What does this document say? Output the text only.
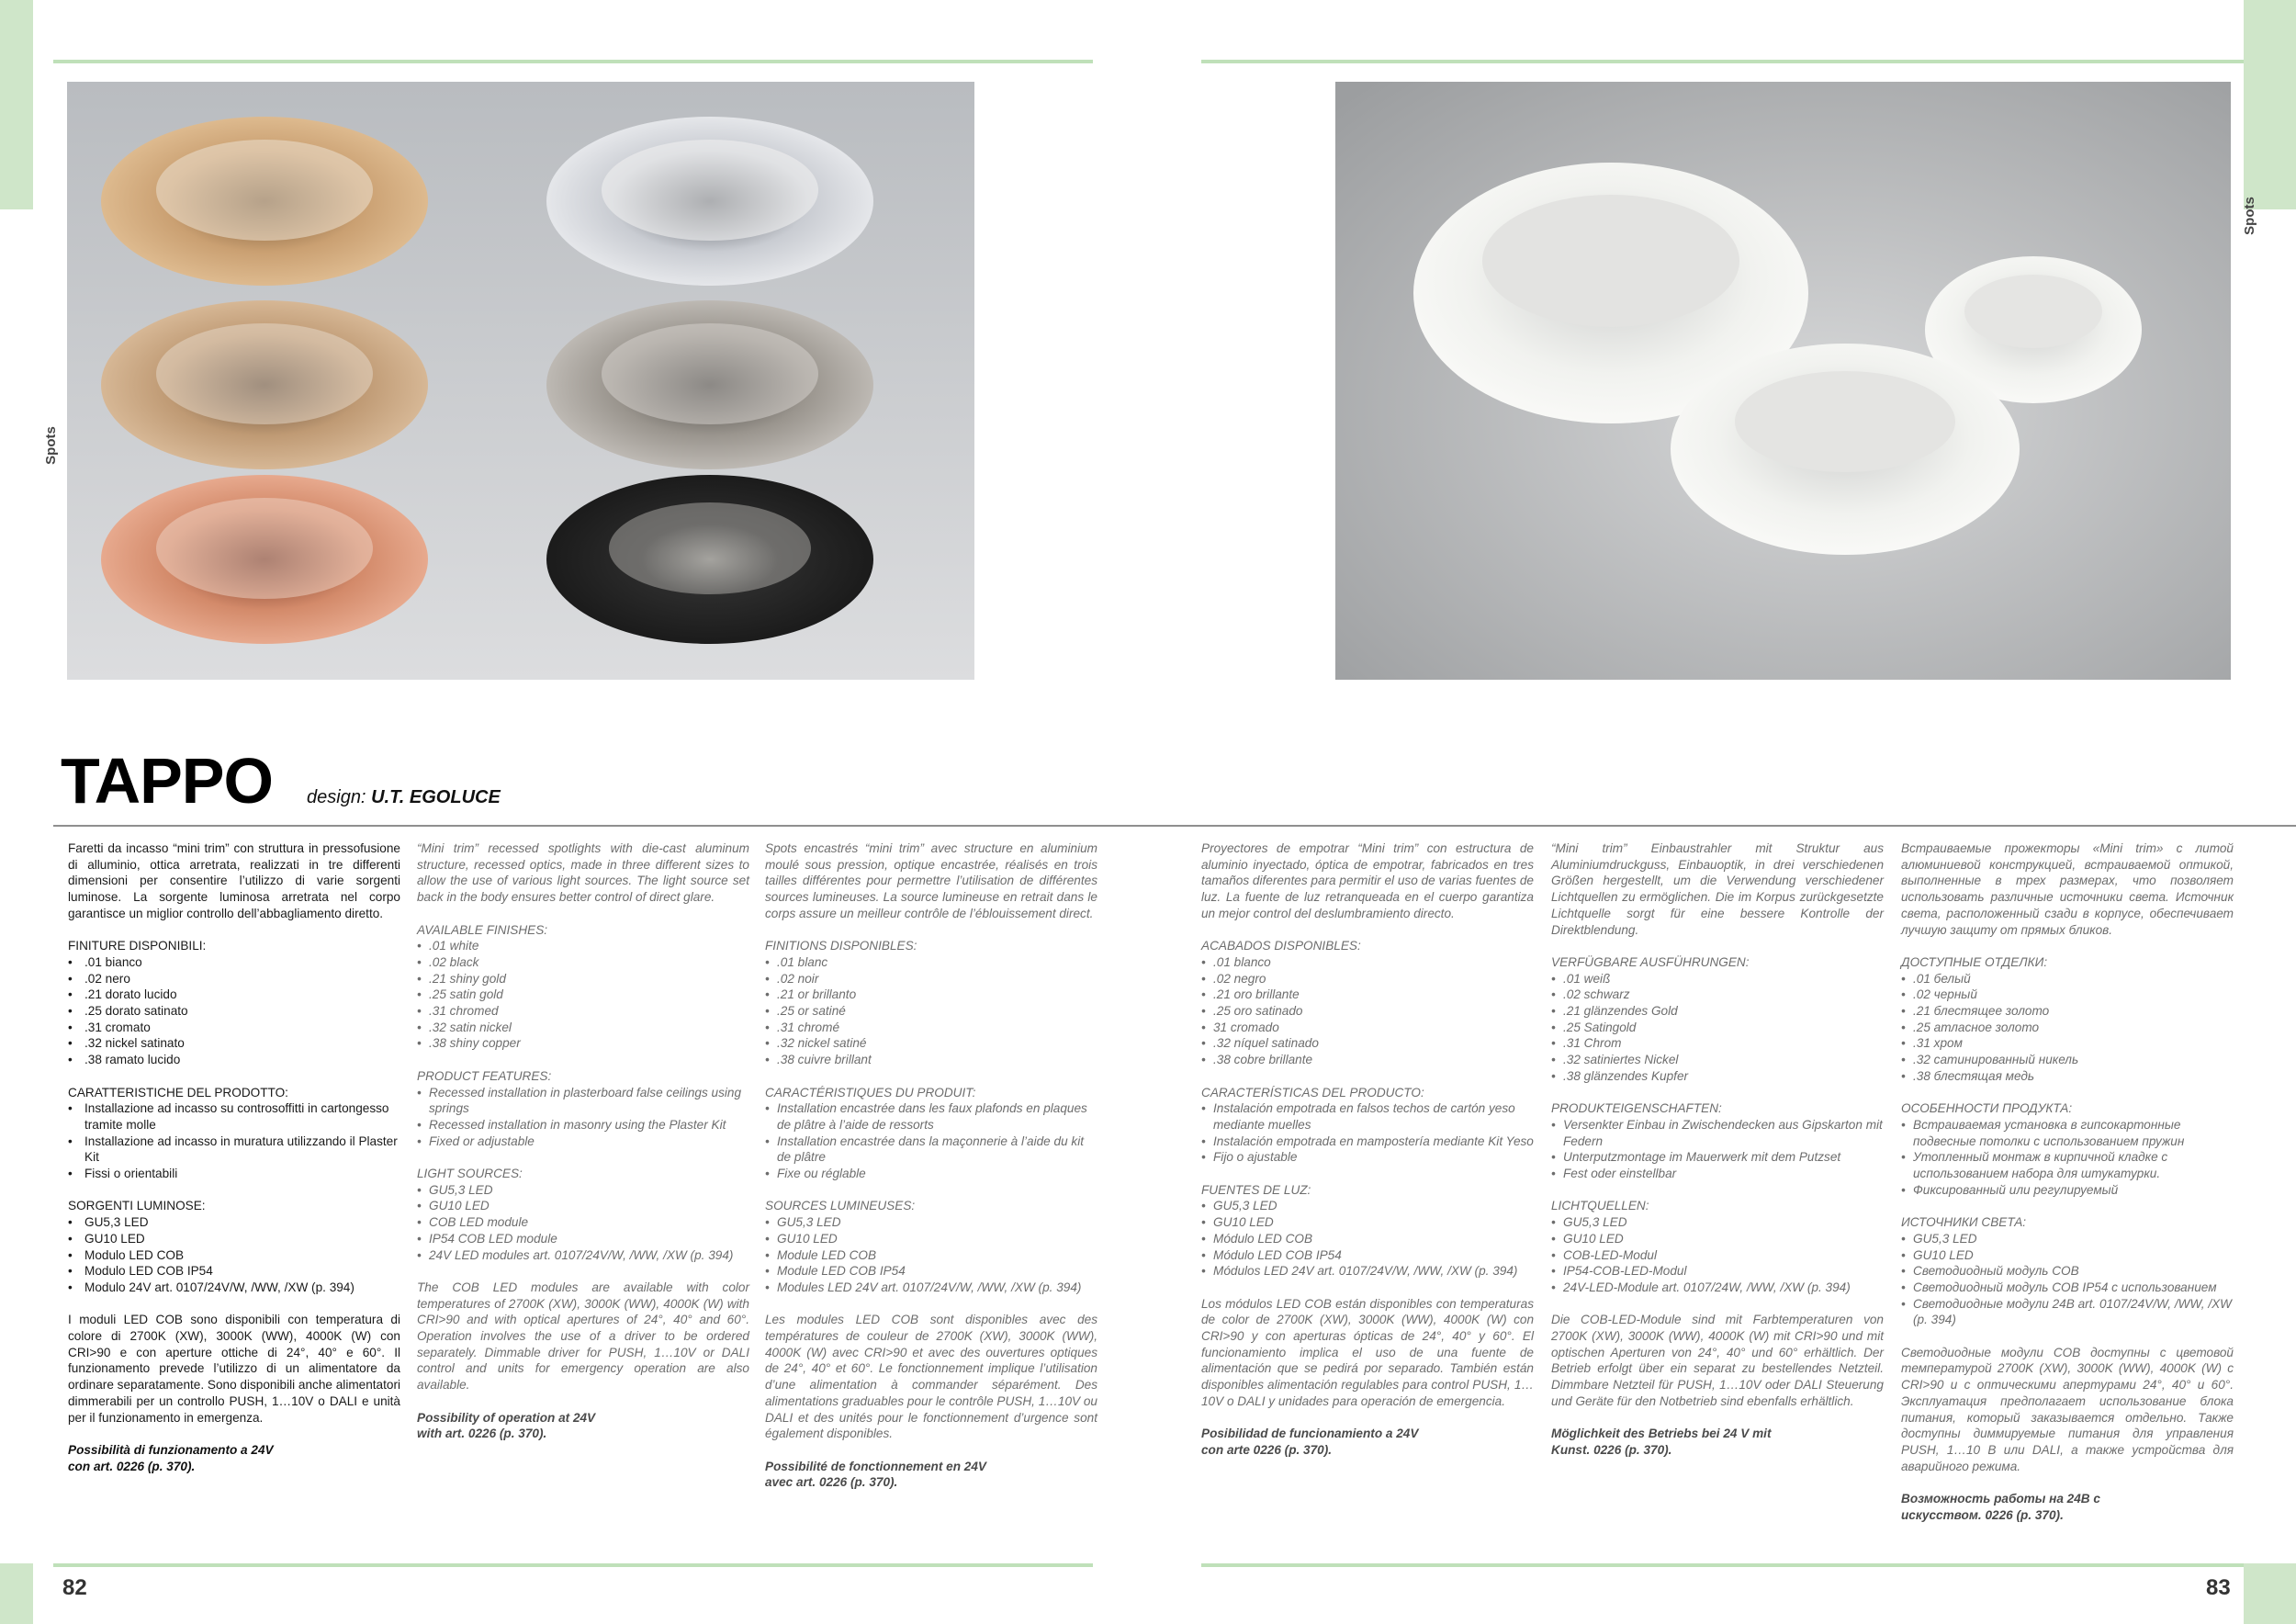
Spots
Spots
TAPPO design: U.T. EGOLUCE

Faretti da incasso “mini trim” con struttura in pressofusione di alluminio, ottica arretrata, realizzati in tre differenti dimensioni per consentire l’utilizzo di varie sorgenti luminose. La sorgente luminosa arretrata nel corpo garantisce un miglior controllo dell’abbagliamento diretto.

FINITURE DISPONIBILI:
• .01 bianco
• .02 nero
• .21 dorato lucido
• .25 dorato satinato
• .31 cromato
• .32 nickel satinato
• .38 ramato lucido
CARATTERISTICHE DEL PRODOTTO:
• Installazione ad incasso su controsoffitti in cartongesso tramite molle
• Installazione ad incasso in muratura utilizzando il Plaster Kit
• Fissi o orientabili
SORGENTI LUMINOSE:
• GU5,3 LED
• GU10 LED
• Modulo LED COB
• Modulo LED COB IP54
• Modulo 24V art. 0107/24V/W, /WW, /XW (p. 394)

I moduli LED COB sono disponibili con temperatura di colore di 2700K (XW), 3000K (WW), 4000K (W) con CRI>90 e con aperture ottiche di 24°, 40° e 60°. Il funzionamento prevede l’utilizzo di un alimentatore da ordinare separatamente. Sono disponibili anche alimentatori dimmerabili per un controllo PUSH, 1…10V o DALI e unità per il funzionamento in emergenza.

Possibilità di funzionamento a 24V con art. 0226 (p. 370).

“Mini trim” recessed spotlights with die-cast aluminum structure, recessed optics, made in three different sizes to allow the use of various light sources. The light source set back in the body ensures better control of direct glare.

AVAILABLE FINISHES:
• .01 white
• .02 black
• .21 shiny gold
• .25 satin gold
• .31 chromed
• .32 satin nickel
• .38 shiny copper
PRODUCT FEATURES:
• Recessed installation in plasterboard false ceilings using springs
• Recessed installation in masonry using the Plaster Kit
• Fixed or adjustable
LIGHT SOURCES:
• GU5,3 LED
• GU10 LED
• COB LED module
• IP54 COB LED module
• 24V LED modules art. 0107/24V/W, /WW, /XW (p. 394)

The COB LED modules are available with color temperatures of 2700K (XW), 3000K (WW), 4000K (W) with CRI>90 and with optical apertures of 24°, 40° and 60°. Operation involves the use of a driver to be ordered separately. Dimmable driver for PUSH, 1…10V or DALI control and units for emergency operation are also available.

Possibility of operation at 24V with art. 0226 (p. 370).

Spots encastrés “mini trim” avec structure en aluminium moulé sous pression, optique encastrée, réalisés en trois tailles différentes pour permettre l’utilisation de différentes sources lumineuses. La source lumineuse en retrait dans le corps assure un meilleur contrôle de l’éblouissement direct.

FINITIONS DISPONIBLES:
• .01 blanc
• .02 noir
• .21 or brillanto
• .25 or satiné
• .31 chromé
• .32 nickel satiné
• .38 cuivre brillant
CARACTÉRISTIQUES DU PRODUIT:
• Installation encastrée dans les faux plafonds en plaques de plâtre à l’aide de ressorts
• Installation encastrée dans la maçonnerie à l’aide du kit de plâtre
• Fixe ou réglable
SOURCES LUMINEUSES:
• GU5,3 LED
• GU10 LED
• Module LED COB
• Module LED COB IP54
• Modules LED 24V art. 0107/24V/W, /WW, /XW (p. 394)

Les modules LED COB sont disponibles avec des températures de couleur de 2700K (XW), 3000K (WW), 4000K (W) avec CRI>90 et avec des ouvertures optiques de 24°, 40° et 60°. Le fonctionnement implique l’utilisation d’une alimentation à commander séparément. Des alimentations graduables pour le contrôle PUSH, 1…10V ou DALI et des unités pour le fonctionnement d’urgence sont également disponibles.

Possibilité de fonctionnement en 24V avec art. 0226 (p. 370).

Proyectores de empotrar “Mini trim” con estructura de aluminio inyectado, óptica de empotrar, fabricados en tres tamaños diferentes para permitir el uso de varias fuentes de luz. La fuente de luz retranqueada en el cuerpo garantiza un mejor control del deslumbramiento directo.

ACABADOS DISPONIBLES:
• .01 blanco
• .02 negro
• .21 oro brillante
• .25 oro satinado
• 31 cromado
• .32 níquel satinado
• .38 cobre brillante
CARACTERÍSTICAS DEL PRODUCTO:
• Instalación empotrada en falsos techos de cartón yeso mediante muelles
• Instalación empotrada en mampostería mediante Kit Yeso
• Fijo o ajustable
FUENTES DE LUZ:
• GU5,3 LED
• GU10 LED
• Módulo LED COB
• Módulo LED COB IP54
• Módulos LED 24V art. 0107/24V/W, /WW, /XW (p. 394)

Los módulos LED COB están disponibles con temperaturas de color de 2700K (XW), 3000K (WW), 4000K (W) con CRI>90 y con aperturas ópticas de 24°, 40° y 60°. El funcionamiento implica el uso de una fuente de alimentación que se pedirá por separado. También están disponibles alimentación regulables para control PUSH, 1…10V o DALI y unidades para operación de emergencia.

Posibilidad de funcionamiento a 24V con arte 0226 (p. 370).

“Mini trim” Einbaustrahler mit Struktur aus Aluminiumdruckguss, Einbauoptik, in drei verschiedenen Größen hergestellt, um die Verwendung verschiedener Lichtquellen zu ermöglichen. Die im Korpus zurückgesetzte Lichtquelle sorgt für eine bessere Kontrolle der Direktblendung.

VERFÜGBARE AUSFÜHRUNGEN:
• .01 weiß
• .02 schwarz
• .21 glänzendes Gold
• .25 Satingold
• .31 Chrom
• .32 satiniertes Nickel
• .38 glänzendes Kupfer
PRODUKTEIGENSCHAFTEN:
• Versenkter Einbau in Zwischendecken aus Gipskarton mit Federn
• Unterputzmontage im Mauerwerk mit dem Putzset
• Fest oder einstellbar
LICHTQUELLEN:
• GU5,3 LED
• GU10 LED
• COB-LED-Modul
• IP54-COB-LED-Modul
• 24V-LED-Module art. 0107/24W, /WW, /XW (p. 394)

Die COB-LED-Module sind mit Farbtemperaturen von 2700K (XW), 3000K (WW), 4000K (W) mit CRI>90 und mit optischen Aperturen von 24°, 40° und 60° erhältlich. Der Betrieb erfolgt über ein separat zu bestellendes Netzteil. Dimmbare Netzteil für PUSH, 1…10V oder DALI Steuerung und Geräte für den Notbetrieb sind ebenfalls erhältlich.

Möglichkeit des Betriebs bei 24 V mit Kunst. 0226 (p. 370).

Встраиваемые прожекторы «Mini trim» с литой алюминиевой конструкцией, встраиваемой оптикой, выполненные в трех размерах, что позволяет использовать различные источники света. Источник света, расположенный сзади в корпусе, обеспечивает лучшую защиту от прямых бликов.

ДОСТУПНЫЕ ОТДЕЛКИ:
• .01 белый
• .02 черный
• .21 блестящее золото
• .25 атласное золото
• .31 хром
• .32 сатинированный никель
• .38 блестящая медь
ОСОБЕННОСТИ ПРОДУКТА:
• Встраиваемая установка в гипсокартонные подвесные потолки с использованием пружин
• Утопленный монтаж в кирпичной кладке с использованием набора для штукатурки.
• Фиксированный или регулируемый
ИСТОЧНИКИ СВЕТА:
• GU5,3 LED
• GU10 LED
• Светодиодный модуль COB
• Светодиодный модуль COB IP54 с использованием
• Светодиодные модули 24В art. 0107/24V/W, /WW, /XW (p. 394)

Светодиодные модули COB доступны с цветовой температурой 2700K (XW), 3000K (WW), 4000K (W) с CRI>90 и с оптическими апертурами 24°, 40° и 60°. Эксплуатация предполагает использование блока питания, который заказывается отдельно. Также доступны диммируемые питания для управления PUSH, 1…10 В или DALI, а также устройства для аварийного режима.

Возможность работы на 24В с искусством. 0226 (p. 370).

82	83
